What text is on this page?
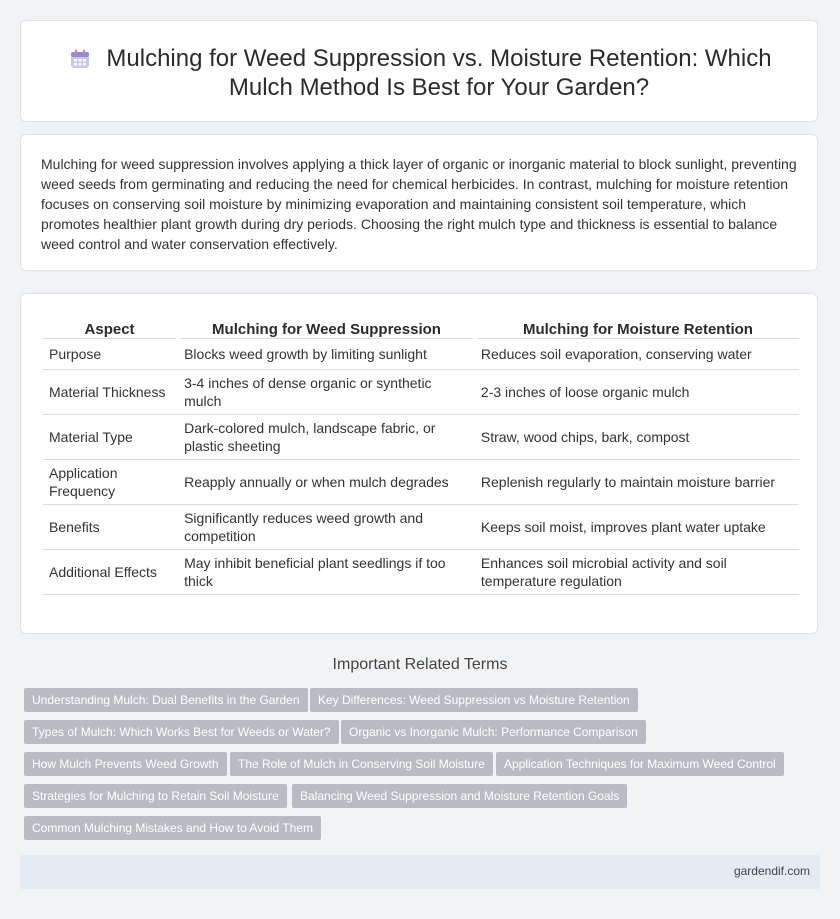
Mulching for Weed Suppression vs. Moisture Retention: Which Mulch Method Is Best for Your Garden?

Mulching for weed suppression involves applying a thick layer of organic or inorganic material to block sunlight, preventing weed seeds from germinating and reducing the need for chemical herbicides. In contrast, mulching for moisture retention focuses on conserving soil moisture by minimizing evaporation and maintaining consistent soil temperature, which promotes healthier plant growth during dry periods. Choosing the right mulch type and thickness is essential to balance weed control and water conservation effectively.

Aspect	Mulching for Weed Suppression	Mulching for Moisture Retention
Purpose	Blocks weed growth by limiting sunlight	Reduces soil evaporation, conserving water
Material Thickness	3-4 inches of dense organic or synthetic mulch	2-3 inches of loose organic mulch
Material Type	Dark-colored mulch, landscape fabric, or plastic sheeting	Straw, wood chips, bark, compost
Application Frequency	Reapply annually or when mulch degrades	Replenish regularly to maintain moisture barrier
Benefits	Significantly reduces weed growth and competition	Keeps soil moist, improves plant water uptake
Additional Effects	May inhibit beneficial plant seedlings if too thick	Enhances soil microbial activity and soil temperature regulation
Important Related Terms
Understanding Mulch: Dual Benefits in the Garden	Key Differences: Weed Suppression vs Moisture Retention
Types of Mulch: Which Works Best for Weeds or Water?	Organic vs Inorganic Mulch: Performance Comparison
How Mulch Prevents Weed Growth	The Role of Mulch in Conserving Soil Moisture	Application Techniques for Maximum Weed Control
Strategies for Mulching to Retain Soil Moisture	Balancing Weed Suppression and Moisture Retention Goals
Common Mulching Mistakes and How to Avoid Them
gardendif.com
